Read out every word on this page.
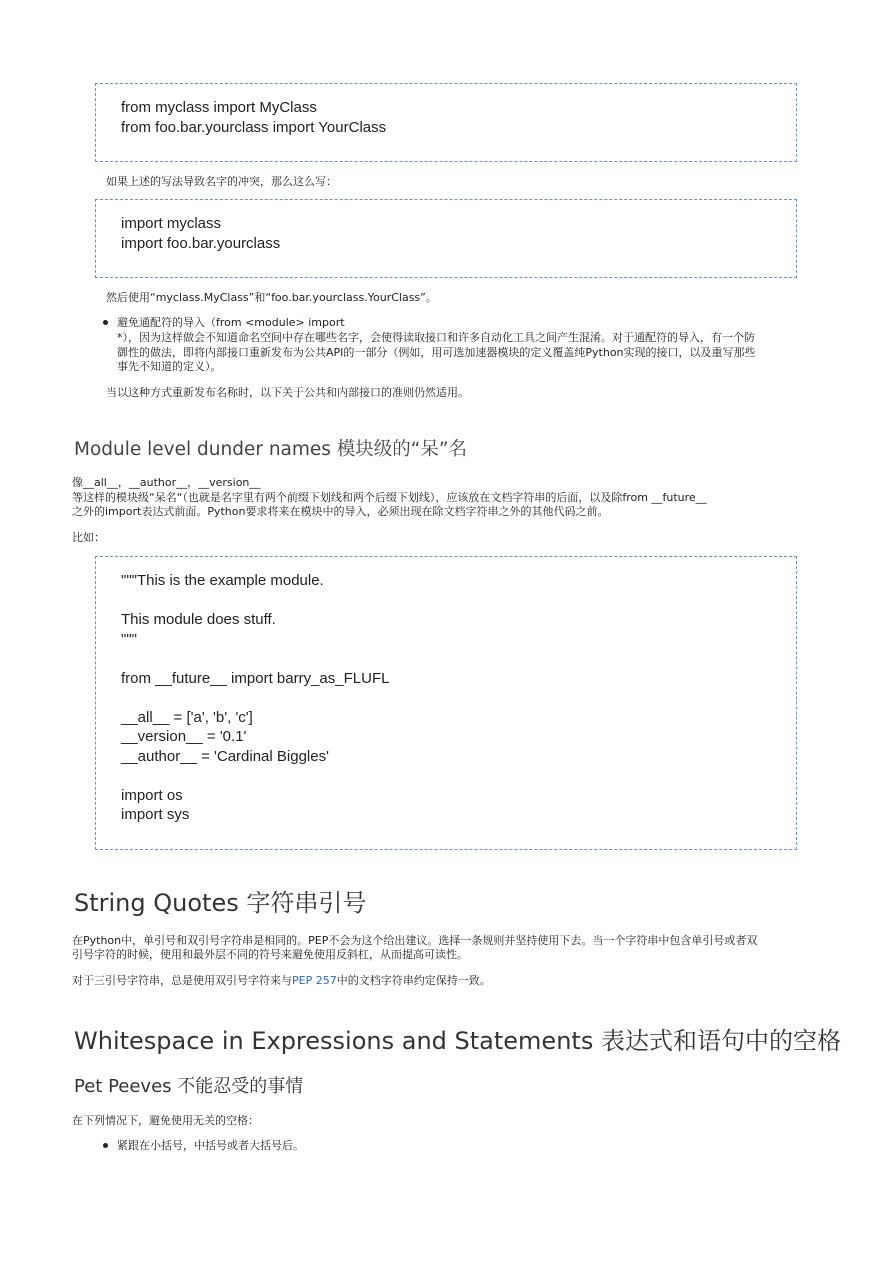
from myclass import MyClass
from foo.bar.yourclass import YourClass
如果上述的写法导致名字的冲突，那么这么写：
import myclass
import foo.bar.yourclass
然后使用“myclass.MyClass”和“foo.bar.yourclass.YourClass”。
避免通配符的导入（from <module> import
*），因为这样做会不知道命名空间中存在哪些名字，会使得读取接口和许多自动化工具之间产生混淆。对于通配符的导入，有一个防
御性的做法，即将内部接口重新发布为公共API的一部分（例如，用可选加速器模块的定义覆盖纯Python实现的接口，以及重写那些
事先不知道的定义）。
当以这种方式重新发布名称时，以下关于公共和内部接口的准则仍然适用。
Module level dunder names 模块级的“呆”名
像__all__，__author__，__version__
等这样的模块级“呆名“（也就是名字里有两个前缀下划线和两个后缀下划线），应该放在文档字符串的后面，以及除from __future__
之外的import表达式前面。Python要求将来在模块中的导入，必须出现在除文档字符串之外的其他代码之前。
比如：
"""This is the example module.
This module does stuff.
"""
from __future__ import barry_as_FLUFL
__all__ = ['a', 'b', 'c']
__version__ = '0.1'
__author__ = 'Cardinal Biggles'
import os
import sys
String Quotes 字符串引号
在Python中，单引号和双引号字符串是相同的。PEP不会为这个给出建议。选择一条规则并坚持使用下去。当一个字符串中包含单引号或者双
引号字符的时候，使用和最外层不同的符号来避免使用反斜杠，从而提高可读性。
对于三引号字符串，总是使用双引号字符来与PEP 257中的文档字符串约定保持一致。
Whitespace in Expressions and Statements 表达式和语句中的空格
Pet Peeves 不能忍受的事情
在下列情况下，避免使用无关的空格：
紧跟在小括号，中括号或者大括号后。
